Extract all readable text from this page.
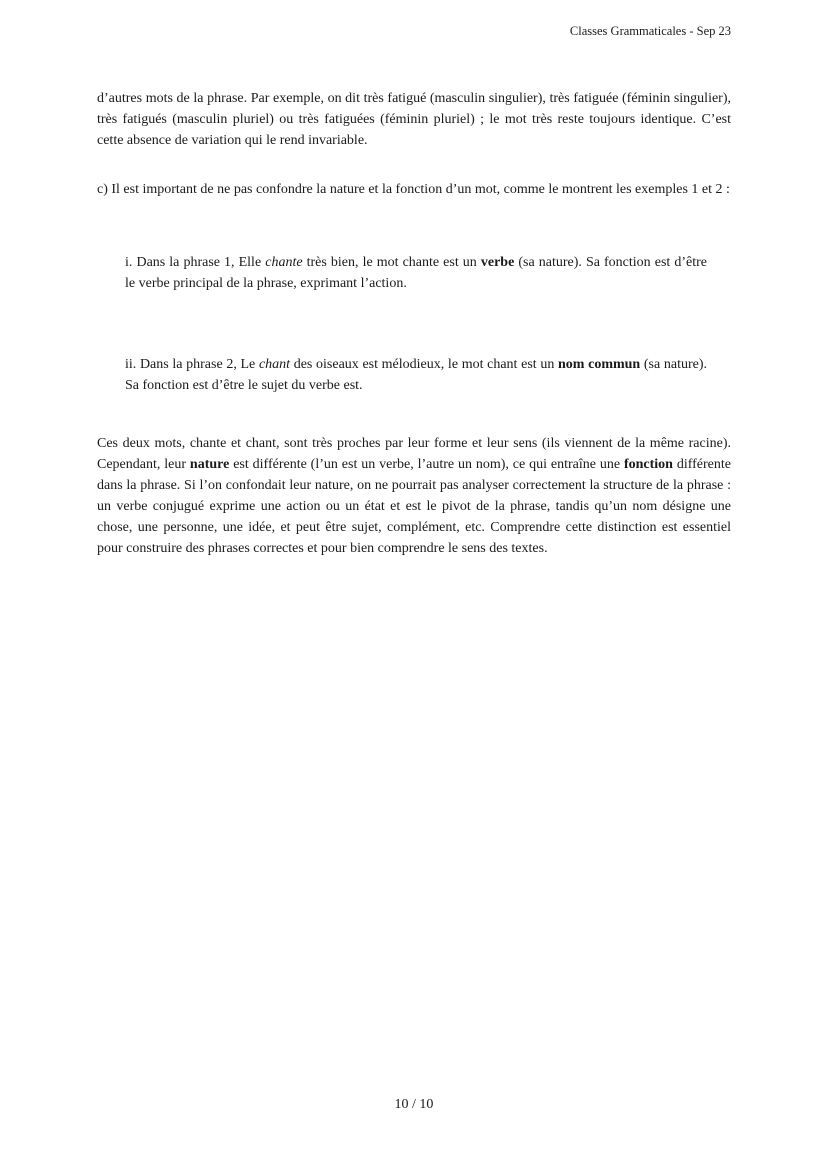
Classes Grammaticales - Sep 23

d’autres mots de la phrase. Par exemple, on dit très fatigué (masculin singulier), très fatiguée (féminin singulier), très fatigués (masculin pluriel) ou très fatiguées (féminin pluriel) ; le mot très reste toujours identique. C’est cette absence de variation qui le rend invariable.

c) Il est important de ne pas confondre la nature et la fonction d’un mot, comme le montrent les exemples 1 et 2 :

i. Dans la phrase 1, Elle chante très bien, le mot chante est un verbe (sa nature). Sa fonction est d’être le verbe principal de la phrase, exprimant l’action.

ii. Dans la phrase 2, Le chant des oiseaux est mélodieux, le mot chant est un nom commun (sa nature). Sa fonction est d’être le sujet du verbe est.

Ces deux mots, chante et chant, sont très proches par leur forme et leur sens (ils viennent de la même racine). Cependant, leur nature est différente (l’un est un verbe, l’autre un nom), ce qui entraîne une fonction différente dans la phrase. Si l’on confondait leur nature, on ne pourrait pas analyser correctement la structure de la phrase : un verbe conjugué exprime une action ou un état et est le pivot de la phrase, tandis qu’un nom désigne une chose, une personne, une idée, et peut être sujet, complément, etc. Comprendre cette distinction est essentiel pour construire des phrases correctes et pour bien comprendre le sens des textes.

10 / 10
